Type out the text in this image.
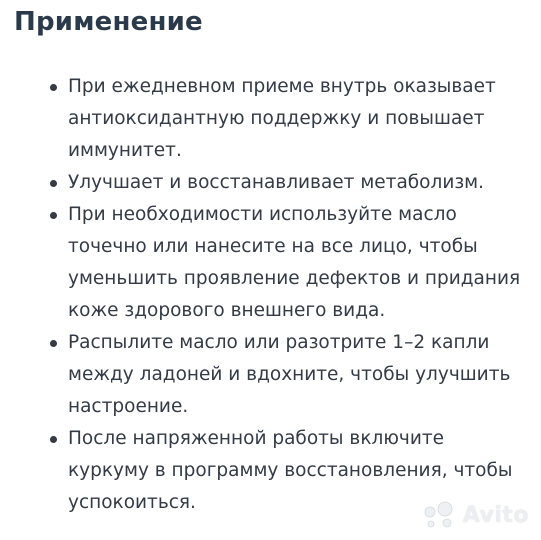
Применение
При ежедневном приеме внутрь оказывает антиоксидантную поддержку и повышает иммунитет.
Улучшает и восстанавливает метаболизм.
При необходимости используйте масло точечно или нанесите на все лицо, чтобы уменьшить проявление дефектов и придания коже здорового внешнего вида.
Распылите масло или разотрите 1–2 капли между ладоней и вдохните, чтобы улучшить настроение.
После напряженной работы включите куркуму в программу восстановления, чтобы успокоиться.	Avito
